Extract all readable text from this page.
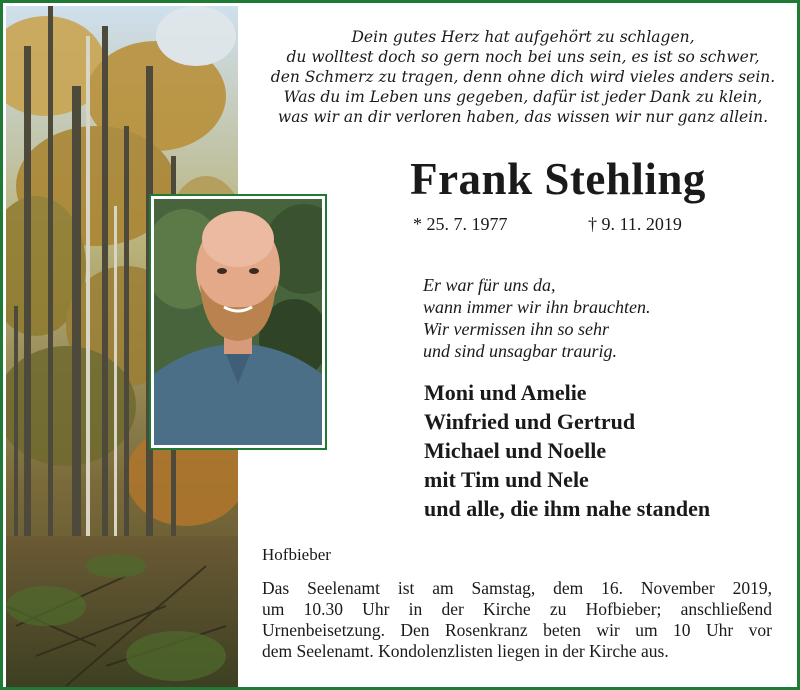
Dein gutes Herz hat aufgehört zu schlagen,
du wolltest doch so gern noch bei uns sein, es ist so schwer,
den Schmerz zu tragen, denn ohne dich wird vieles anders sein.
Was du im Leben uns gegeben, dafür ist jeder Dank zu klein,
was wir an dir verloren haben, das wissen wir nur ganz allein.
Frank Stehling
* 25. 7. 1977	† 9. 11. 2019
Er war für uns da,
wann immer wir ihn brauchten.
Wir vermissen ihn so sehr
und sind unsagbar traurig.
Moni und Amelie
Winfried und Gertrud
Michael und Noelle
mit Tim und Nele
und alle, die ihm nahe standen
Hofbieber
Das Seelenamt ist am Samstag, dem 16. November 2019,
um 10.30 Uhr in der Kirche zu Hofbieber; anschließend
Urnenbeisetzung. Den Rosenkranz beten wir um 10 Uhr vor
dem Seelenamt. Kondolenzlisten liegen in der Kirche aus.
